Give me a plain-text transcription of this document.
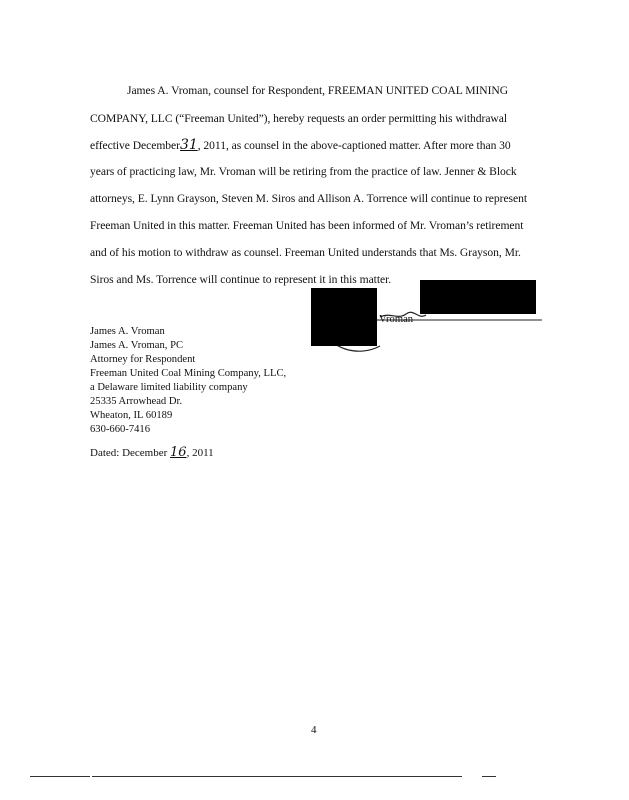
James A. Vroman, counsel for Respondent, FREEMAN UNITED COAL MINING
COMPANY, LLC (“Freeman United”), hereby requests an order permitting his withdrawal
effective December31, 2011, as counsel in the above-captioned matter. After more than 30
years of practicing law, Mr. Vroman will be retiring from the practice of law. Jenner & Block
attorneys, E. Lynn Grayson, Steven M. Siros and Allison A. Torrence will continue to represent
Freeman United in this matter. Freeman United has been informed of Mr. Vroman’s retirement
and of his motion to withdraw as counsel. Freeman United understands that Ms. Grayson, Mr.
Siros and Ms. Torrence will continue to represent it in this matter.
Vroman
James A. Vroman
James A. Vroman, PC
Attorney for Respondent
Freeman United Coal Mining Company, LLC,
a Delaware limited liability company
25335 Arrowhead Dr.
Wheaton, IL 60189
630-660-7416
Dated: December 16, 2011
4
